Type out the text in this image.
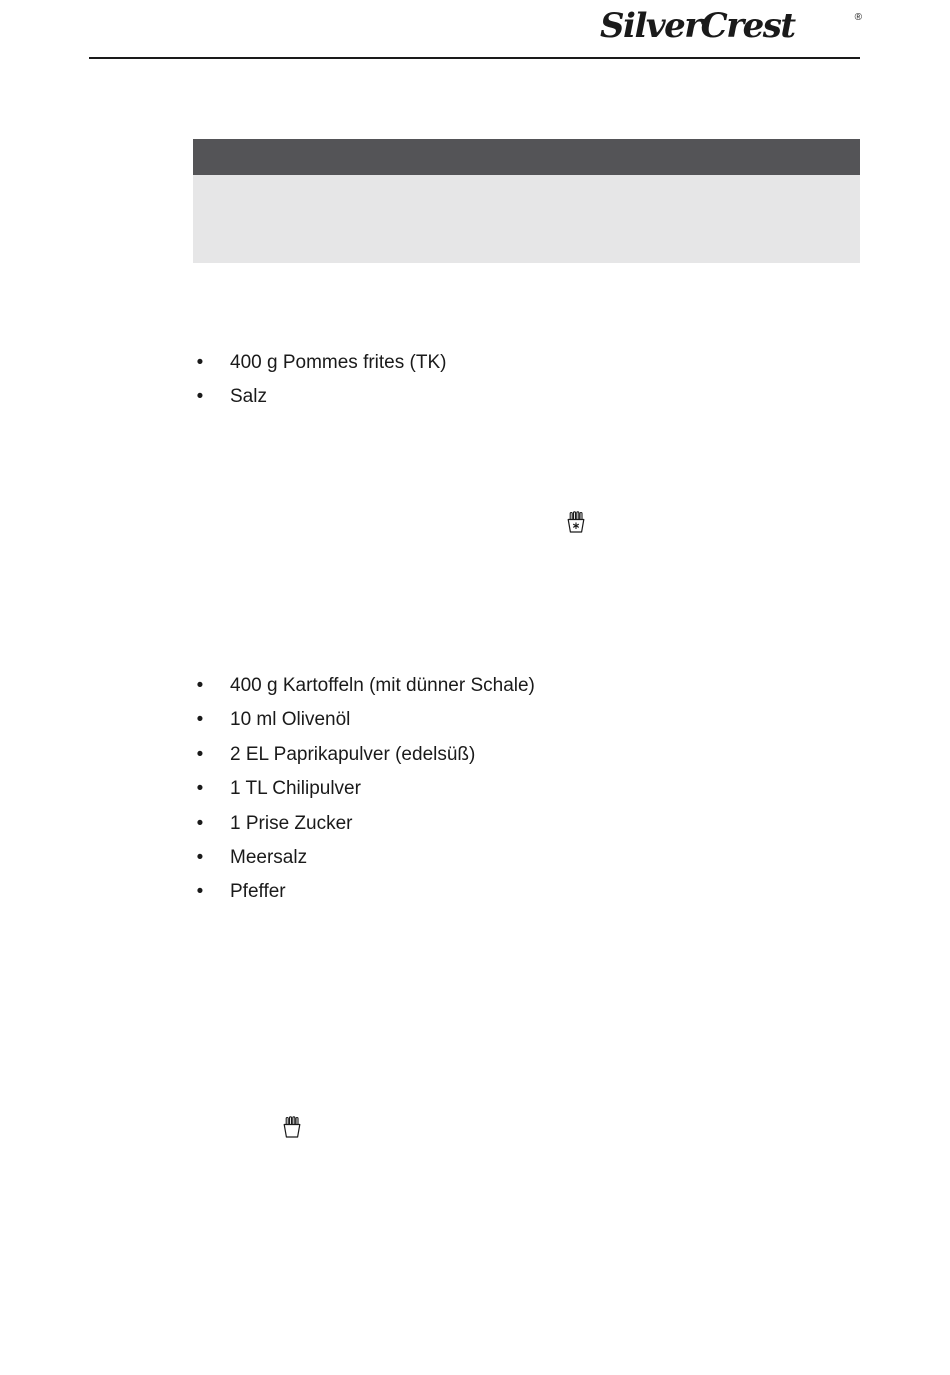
SilverCrest	®
• 400 g Pommes frites (TK)
• Salz
• 400 g Kartoffeln (mit dünner Schale)
• 10 ml Olivenöl
• 2 EL Paprikapulver (edelsüß)
• 1 TL Chilipulver
• 1 Prise Zucker
• Meersalz
• Pfeffer
